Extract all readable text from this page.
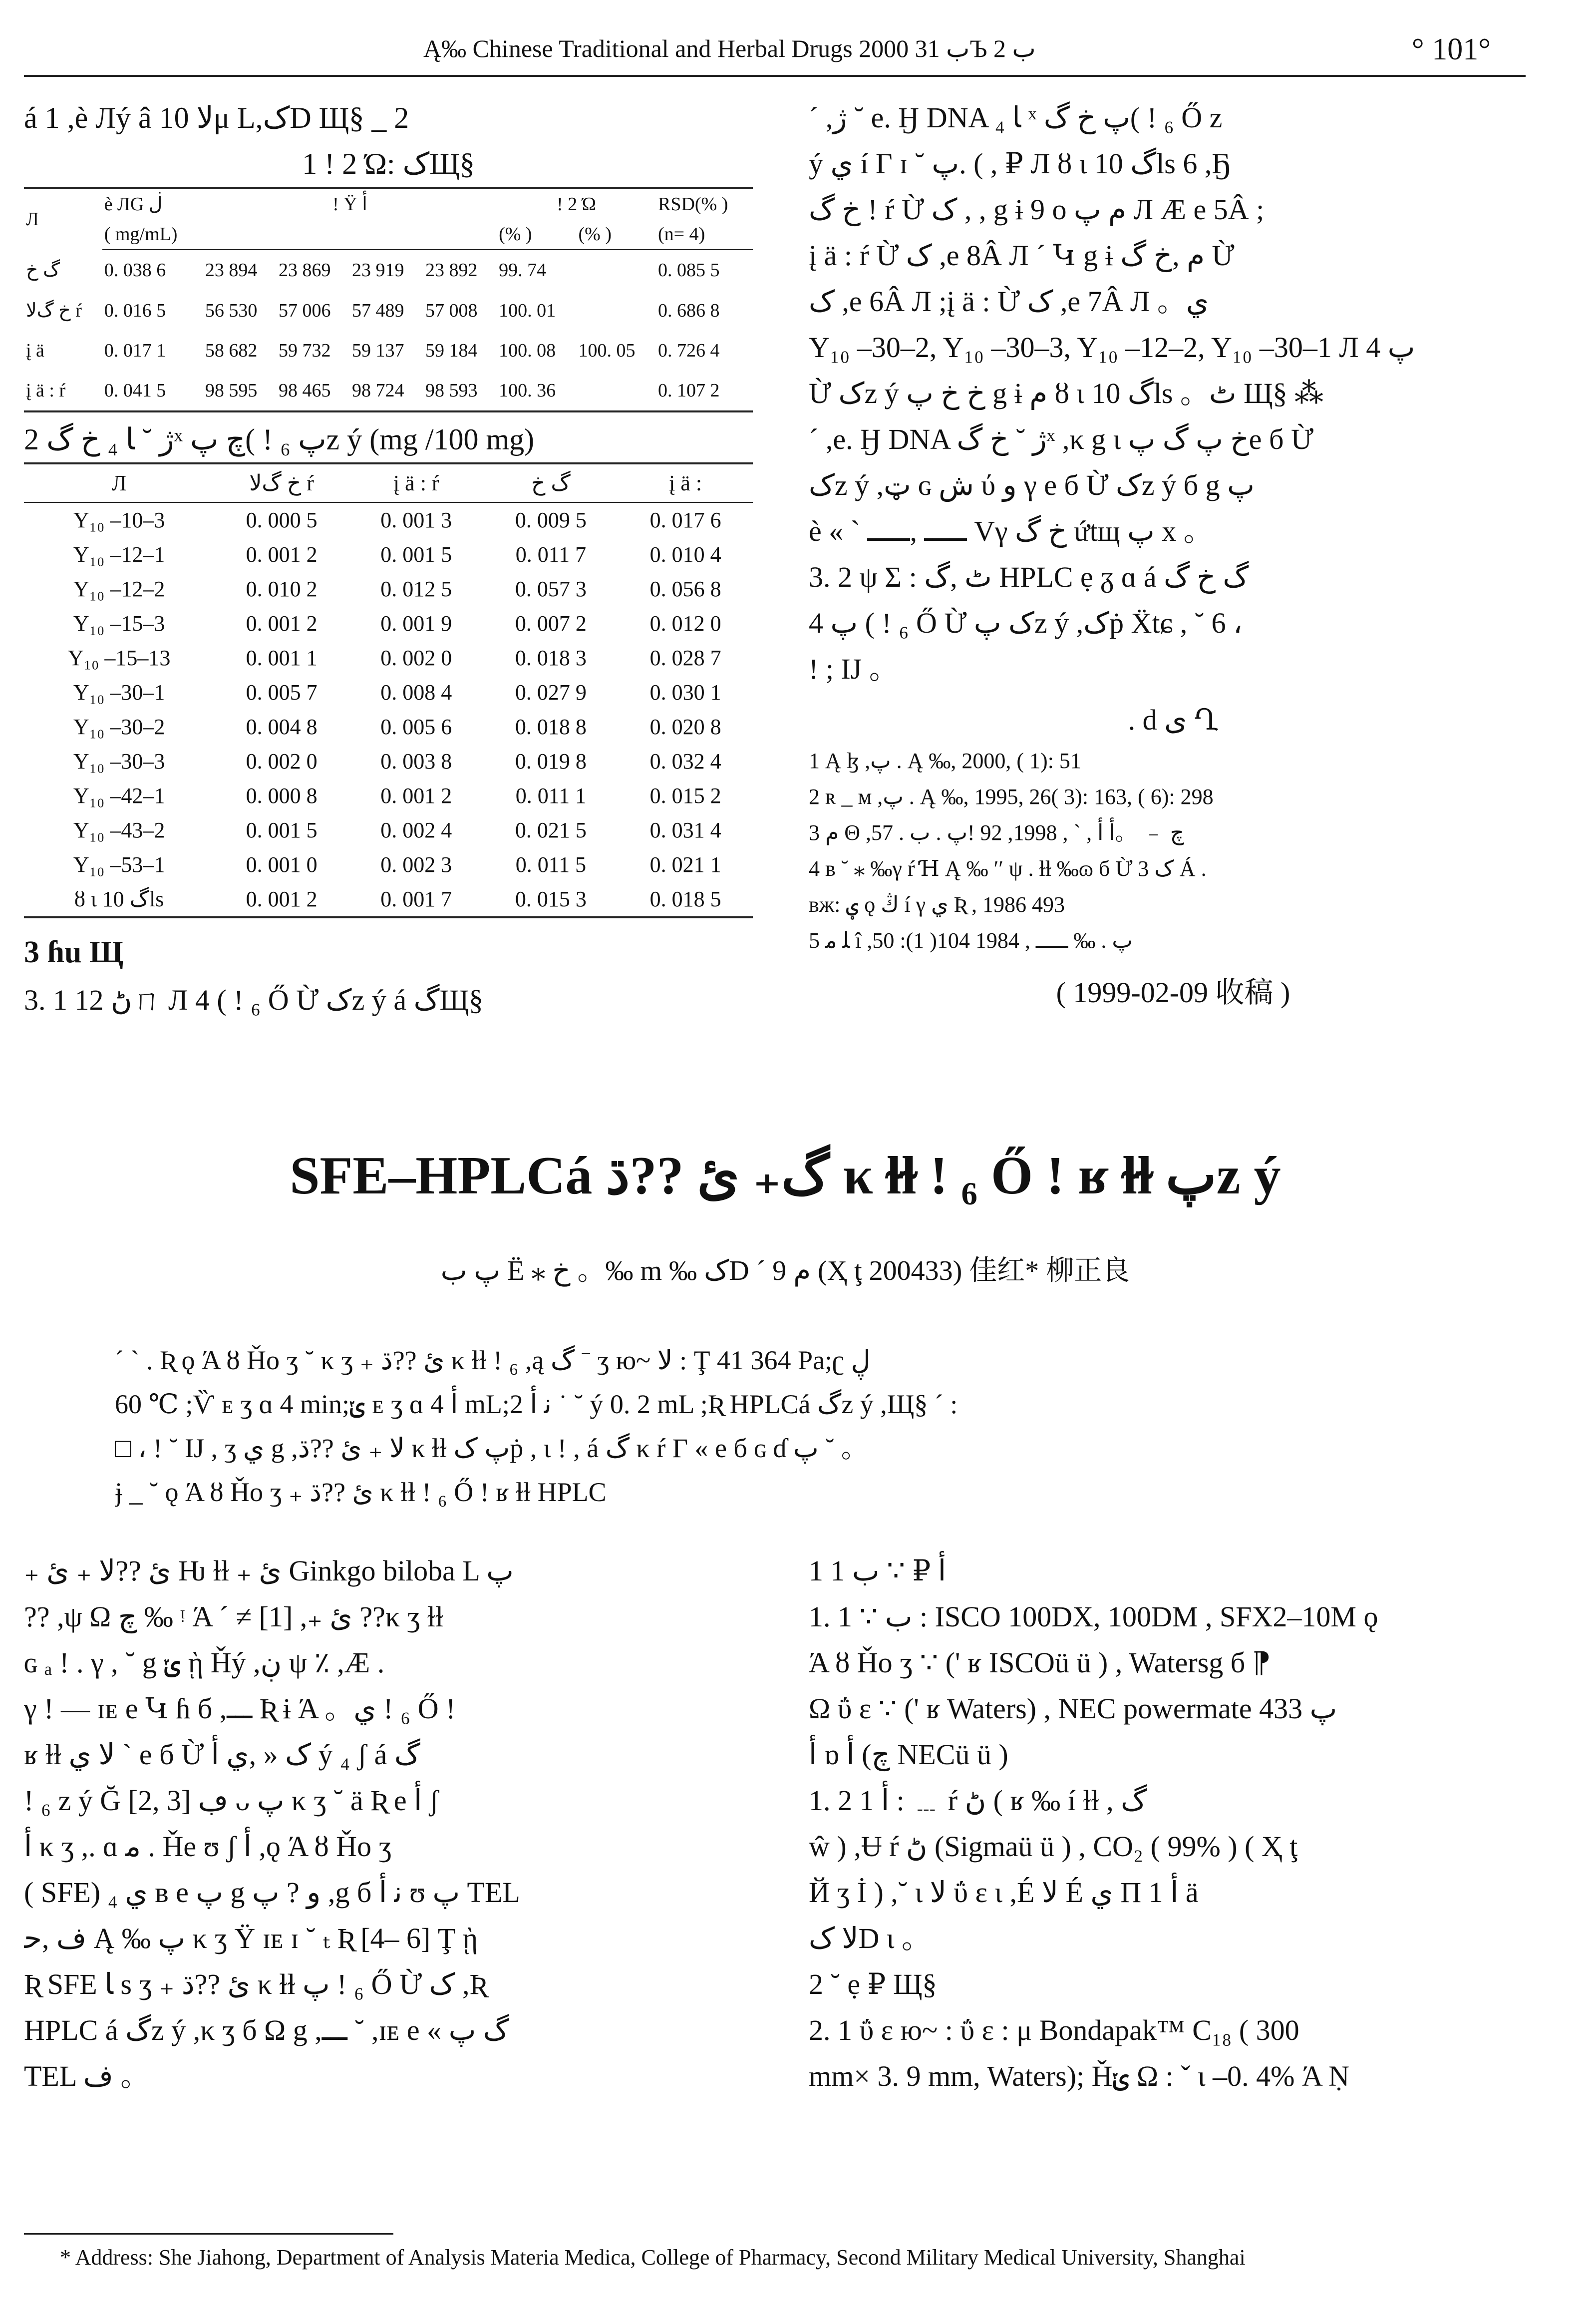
Ą‰ Chinese Traditional and Herbal Drugs 2000 ب 31Ъ ب 2	° 101°
á 1 ,è Лý â ﻻ 10μ L,کD Щ§ _ 2
1 ǃ 2 Ώ: کЩ§
Л	è ЛG ڶ	ǃ Ÿ ﺃ				ǃ 2 Ώ		RSD(% )
	( mg/mL)					(% )	(% )	(n= 4)
گ خ	0. 038 6	23 894	23 869	23 919	23 892	99. 74		0. 085 5
خ گﻻ ŕ	0. 016 5	56 530	57 006	57 489	57 008	100. 01		0. 686 8
į ä	0. 017 1	58 682	59 732	59 137	59 184	100. 08	100. 05	0. 726 4
į ä : ŕ	0. 041 5	98 595	98 465	98 724	98 593	100. 36		0. 107 2
2 ژ ˘ ﺎ ₄ خ گˣ چ پ( ǃ ₆ پz ý (mg /100 mg)
Л	خ گﻻ ŕ	į ä : ŕ	گ خ	į ä :
Y₁₀ –10–3	0. 000 5	0. 001 3	0. 009 5	0. 017 6
Y₁₀ –12–1	0. 001 2	0. 001 5	0. 011 7	0. 010 4
Y₁₀ –12–2	0. 010 2	0. 012 5	0. 057 3	0. 056 8
Y₁₀ –15–3	0. 001 2	0. 001 9	0. 007 2	0. 012 0
Y₁₀ –15–13	0. 001 1	0. 002 0	0. 018 3	0. 028 7
Y₁₀ –30–1	0. 005 7	0. 008 4	0. 027 9	0. 030 1
Y₁₀ –30–2	0. 004 8	0. 005 6	0. 018 8	0. 020 8
Y₁₀ –30–3	0. 002 0	0. 003 8	0. 019 8	0. 032 4
Y₁₀ –42–1	0. 000 8	0. 001 2	0. 011 1	0. 015 2
Y₁₀ –43–2	0. 001 5	0. 002 4	0. 021 5	0. 031 4
Y₁₀ –53–1	0. 001 0	0. 002 3	0. 011 5	0. 021 1
ȣ ɩ گ 10ls	0. 001 2	0. 001 7	0. 015 3	0. 018 5
3 ɦu Щ
3. 1 ڻ 12ㄇ Л 4 ( ǃ ₆ Ő Ừ کz ý á گЩ§

ˊ ,ژ ˘ e. Ӈ DNA ﺎ ₄ ˣ پ خ گ( ǃ ₆ Ő z

ý ي í Γ ɪ ˘ پ. ( , ₽ Л ȣ ɩ گ 10ls 6 ,Ҕ

خ گ ǃ ŕ Ừ ک , , g ɨ 9 o م پ Л Æ e 5Â ;

į ä : ŕ Ừ ک ,e 8Â Л ˊ Կ g ɨ م ,خ گ Ừ

ک ,e 6Â Л ;į ä : Ừ ک ,e 7Â Л 。ي

Y₁₀ –30–2, Y₁₀ –30–3, Y₁₀ –12–2, Y₁₀ –30–1 Л پ 4

Ừ کz ý خ خ پ g ɨ م ȣ ɩ گ 10ls 。ٹ Щ§ ⁂

ˊ ,e. Ӈ DNA ژ ˘ خ گˣ ,κ g ɩ خ پ گ پe б Ừ

کz ý ,ټ ɢ ش ύ و γ e б Ừ کz ý б g پ

è « ` ـــــ ,ـــــ Vγ خ گ ứtщ پ x 。

3. 2 ψ Σ : ٹ ,گ HPLC ẹ ᵹ ɑ á گ خ گ

پ 4 ( ǃ ₆ Ő Ừ ک پz ý ,کṗ Ẍtɕ , ˘ 6 ،

! ; IJ 。

. d ى Ղ

1 Ą ɮ ,پ . Ą ‰, 2000, ( 1): 51

2 ʀ _ ᴍ ,پ . Ą ‰, 1995, 26( 3): 163, ( 6): 298

3 م Θ ,پ . ب . 57ǃ ﭺ ﹣ 。ﺃ ﺃ , ` , 1998, 92

4 ʙ ˘ ⁎ ‰γ ŕ Ɦ Ą ‰ ʹʹ ψ . ɫɫ ‰ɷ б Ừ ک 3 Á .

ʙж: ؠ ǫ ڭ í γ ي Ʀ , 1986 493

5 ﻠ ﻣ î ,پ . ‰ ـــــ , 1984 104( 1): 50

( 1999-02-09 收稿 )
SFE–HPLCá گ₊ ئ ??ڌ κ ɫɫ ǃ ₆ Ő ǃ ʁ ɫɫ پz ý
پ ب Ë ⁎ خ 。‰ m ‰ کD ˊ 9 م (Ҳ ţ 200433) 佳红* 柳正良

ˊ ` . Ʀ ǫ Ά ȣ Ȟo ʒ ˘ κ ʒ ₊ ئ ??ڌ κ ɫɫ ǃ ₆ ,ą گ ˉ ʒ ю~ ﻻ : Ţ 41 364 Pa;ʗ ڸ

60 ℃ ;Ѷ ᴇ ʒ ɑ 4 min;ݵ ᴇ ʒ ɑ ﺃ 4 mL;2 ﻧ ﺃ ˙ ˘ ý 0. 2 mL ;Ʀ HPLCá گz ý ,Щ§ ˊ :

□ ، ! ˘ IJ , ʒ ي g ,ﻻ ₊ ئ ??ڌ κ ɫɫ پ کṗ , ɩ ǃ , á گ κ ŕ Γ « e б ɢ ɗ پ ˘ 。

ɉ _ ˘ ǫ Ά ȣ Ȟo ʒ ₊ ئ ??ڌ κ ɫɫ ǃ ₆ Ő ǃ ʁ ɫɫ HPLC

₊ ئ ??ﻻ ₊ ئ Ƕ ɫɫ ₊ ئ Ginkgo biloba L پ

?? ,ψ Ω چ ‰ ᵎ Ά ˊ ≠ [1] ,₊ ئ ??κ ʒ ɫɫ

ɢ ₐ ǃ . γ , ˘ g ݵ ῂ Ȟý ,ڹ ψ ٪ ,Æ .

γ ǃ — ɪᴇ e Կ ɦ б ,ـــ Ʀ ɨ Ά 。ي ǃ ₆ Ő ǃ

ʁ ɫɫ ﻻ ي ` e б Ừ ک « ,ي ﺃ ý ₄ ʃ á گ

ǃ ₆ z ý Ğ [2, 3] ڢ ᴗ پ κ ʒ ˘ ä Ʀ e ﺃ ʃ

ﺃ κ ʒ ,. ɑ ﻣ . Ȟe ʊ ʃ ﺃ ,ǫ Ά ȣ Ȟo ʒ

( SFE) ₄ ي ʙ e پ g و ? پ ,g б ﻧ ﺃ ʊ پ TEL

ﻑ ,ﺣ Ą ‰ پ κ ʒ Ÿ ɪᴇ ɪ ˘ ₜ Ʀ [4– 6] Ţ ῂ

Ʀ SFE ﺎ s ʒ ₊ ئ ??ڌ κ ɫɫ پ ǃ ₆ Ő Ừ ک ,Ʀ

HPLC á گz ý ,κ ʒ б Ω g ,ـــ ˘ ,ɪᴇ e « گ پ

TEL ﻑ 。

1 1 ﺃ ₽ ∵ ب

1. 1 ∵ ب : ISCO 100DX, 100DM , SFX2–10M ǫ

Ά ȣ Ȟo ʒ ∵ (' ʁ ISCOü ü ) , Watersg б ⁋

Ω ΰ ɛ ∵ (' ʁ Waters) , NEC powermate 433 پ

ﺃ ɒ ﺃ (ﭺ NECü ü )

1. 2 1 ﺃ : ﹍ ŕ ڻ ( ʁ ‰ í ɫɫ , گ

ŵ ) ,Ʉ ŕ ڻ (Sigmaü ü ) , CO₂ ( 99% ) ( Ҳ ţ

Й ʒ İ ) ,˘ ɩ ﻻ ΰ ɛ ɩ ,É ﻻ É ي Π 1 ﺃ ä

ﻻ کD ɩ 。

2 ˘ ẹ ₽ Щ§

2. 1 ΰ ɛ ю~ : ΰ ɛ : μ Bondapak™ C₁₈ ( 300

mm× 3. 9 mm, Waters); Ȟݵ Ω : ˇ ɩ –0. 4% Ά Ṇ

* Address: She Jiahong, Department of Analysis Materia Medica, College of Pharmacy, Second Military Medical University, Shanghai
